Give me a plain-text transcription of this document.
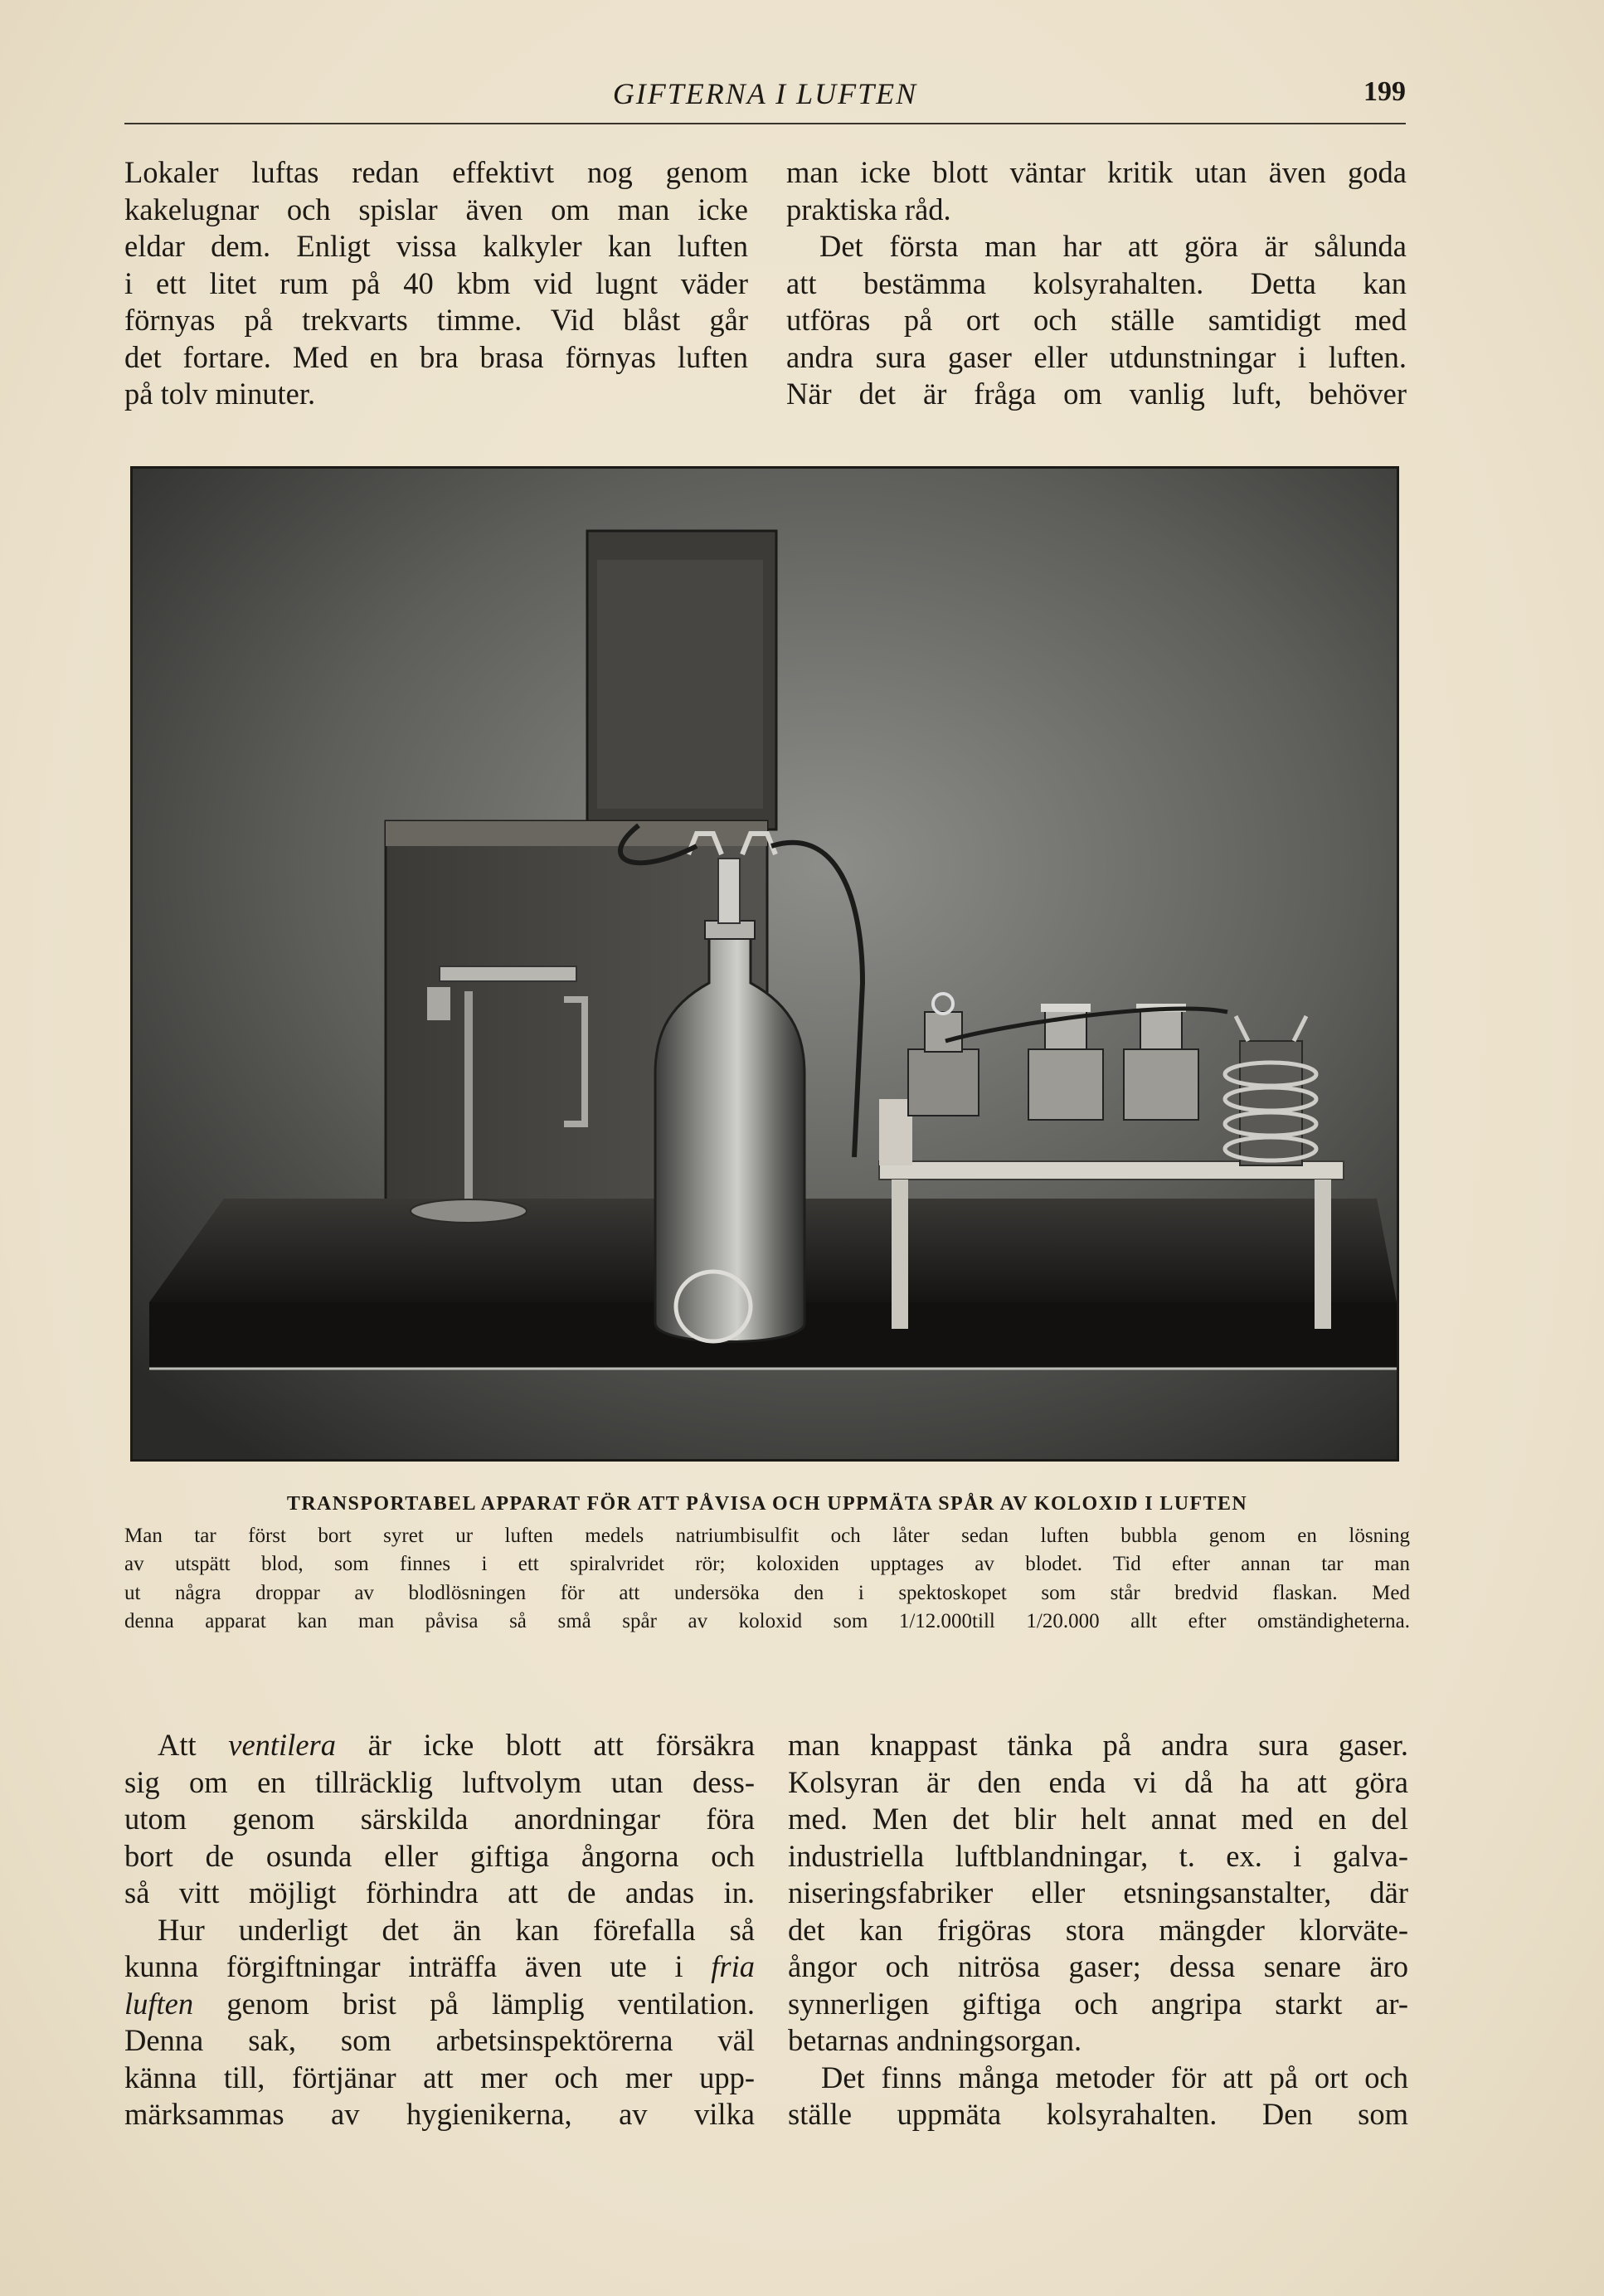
GIFTERNA I LUFTEN	199
Lokaler luftas redan effektivt nog genom
kakelugnar och spislar även om man icke
eldar dem. Enligt vissa kalkyler kan luften
i ett litet rum på 40 kbm vid lugnt väder
förnyas på trekvarts timme. Vid blåst går
det fortare. Med en bra brasa förnyas luften
på tolv minuter.
man icke blott väntar kritik utan även goda
praktiska råd.
Det första man har att göra är sålunda
att bestämma kolsyrahalten. Detta kan
utföras på ort och ställe samtidigt med
andra sura gaser eller utdunstningar i luften.
När det är fråga om vanlig luft, behöver
TRANSPORTABEL APPARAT FÖR ATT PÅVISA OCH UPPMÄTA SPÅR AV KOLOXID I LUFTEN
Man tar först bort syret ur luften medels natriumbisulfit och låter sedan luften bubbla genom en lösning
av utspätt blod, som finnes i ett spiralvridet rör; koloxiden upptages av blodet. Tid efter annan tar man
ut några droppar av blodlösningen för att undersöka den i spektoskopet som står bredvid flaskan. Med
denna apparat kan man påvisa så små spår av koloxid som 1/12.000till 1/20.000 allt efter omständigheterna.
Att ventilera är icke blott att försäkra
sig om en tillräcklig luftvolym utan dess-
utom genom särskilda anordningar föra
bort de osunda eller giftiga ångorna och
så vitt möjligt förhindra att de andas in.
Hur underligt det än kan förefalla så
kunna förgiftningar inträffa även ute i fria
luften genom brist på lämplig ventilation.
Denna sak, som arbetsinspektörerna väl
känna till, förtjänar att mer och mer upp-
märksammas av hygienikerna, av vilka
man knappast tänka på andra sura gaser.
Kolsyran är den enda vi då ha att göra
med. Men det blir helt annat med en del
industriella luftblandningar, t. ex. i galva-
niseringsfabriker eller etsningsanstalter, där
det kan frigöras stora mängder klorväte-
ångor och nitrösa gaser; dessa senare äro
synnerligen giftiga och angripa starkt ar-
betarnas andningsorgan.
Det finns många metoder för att på ort och
ställe uppmäta kolsyrahalten. Den som
